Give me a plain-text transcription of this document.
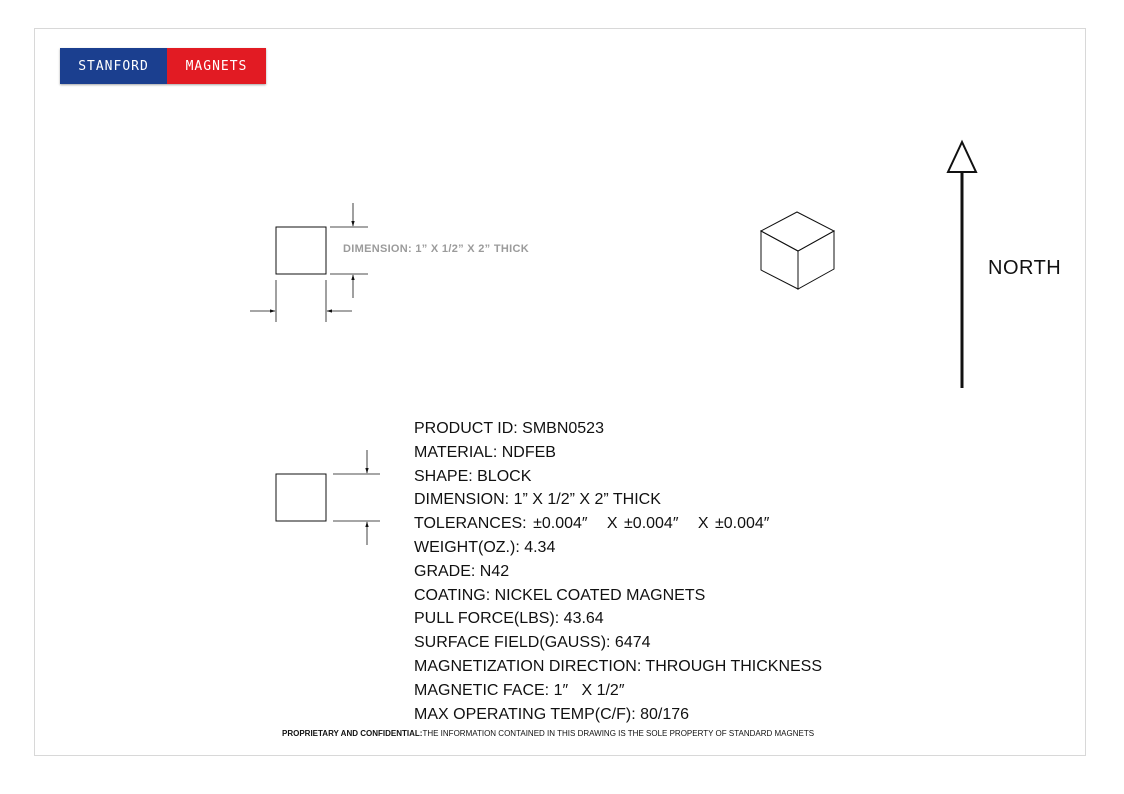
STANFORD	MAGNETS
DIMENSION: 1” X 1/2” X 2” THICK
NORTH
PRODUCT ID: SMBN0523
MATERIAL: NDFEB
SHAPE: BLOCK
DIMENSION: 1” X 1/2” X 2” THICK
TOLERANCES: ±0.004″   X ±0.004″   X ±0.004″
WEIGHT(OZ.): 4.34
GRADE: N42
COATING: NICKEL COATED MAGNETS
PULL FORCE(LBS): 43.64
SURFACE FIELD(GAUSS): 6474
MAGNETIZATION DIRECTION: THROUGH THICKNESS
MAGNETIC FACE: 1″   X 1/2″
MAX OPERATING TEMP(C/F): 80/176
PROPRIETARY AND CONFIDENTIAL:THE INFORMATION CONTAINED IN THIS DRAWING IS THE SOLE PROPERTY OF STANDARD MAGNETS
